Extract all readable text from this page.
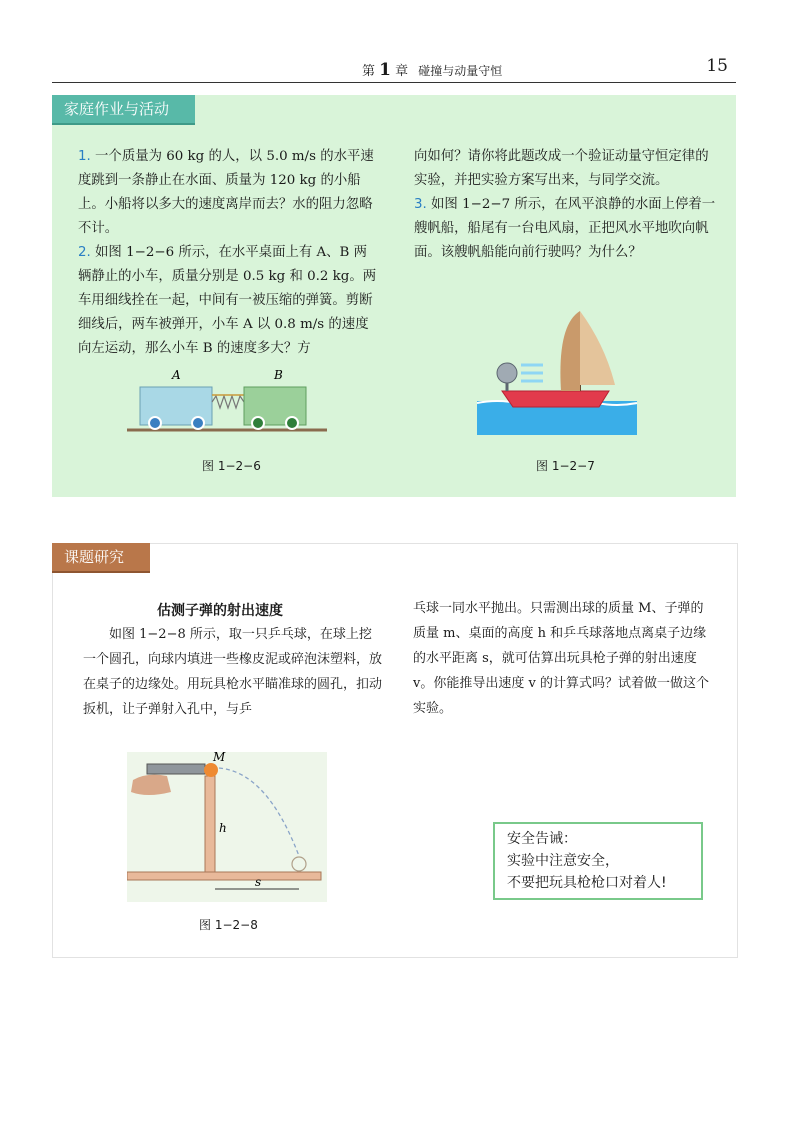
第 1 章 碰撞与动量守恒	15
家庭作业与活动

1. 一个质量为 60 kg 的人，以 5.0 m/s 的水平速度跳到一条静止在水面、质量为 120 kg 的小船上。小船将以多大的速度离岸而去？水的阻力忽略不计。

2. 如图 1−2−6 所示，在水平桌面上有 A、B 两辆静止的小车，质量分别是 0.5 kg 和 0.2 kg。两车用细线拴在一起，中间有一被压缩的弹簧。剪断细线后，两车被弹开，小车 A 以 0.8 m/s 的速度向左运动，那么小车 B 的速度多大？方

向如何？请你将此题改成一个验证动量守恒定律的实验，并把实验方案写出来，与同学交流。

3. 如图 1−2−7 所示，在风平浪静的水面上停着一艘帆船，船尾有一台电风扇，正把风水平地吹向帆面。该艘帆船能向前行驶吗？为什么？

A	B
图 1−2−6	图 1−2−7
课题研究
估测子弹的射出速度
如图 1−2−8 所示，取一只乒乓球，在球上挖一个圆孔，向球内填进一些橡皮泥或碎泡沫塑料，放在桌子的边缘处。用玩具枪水平瞄准球的圆孔，扣动扳机，让子弹射入孔中，与乒
乓球一同水平抛出。只需测出球的质量 M、子弹的质量 m、桌面的高度 h 和乒乓球落地点离桌子边缘的水平距离 s，就可估算出玩具枪子弹的射出速度 v。你能推导出速度 v 的计算式吗？试着做一做这个实验。
M
h
s
图 1−2−8
安全告诫：
实验中注意安全，
不要把玩具枪枪口对着人!
